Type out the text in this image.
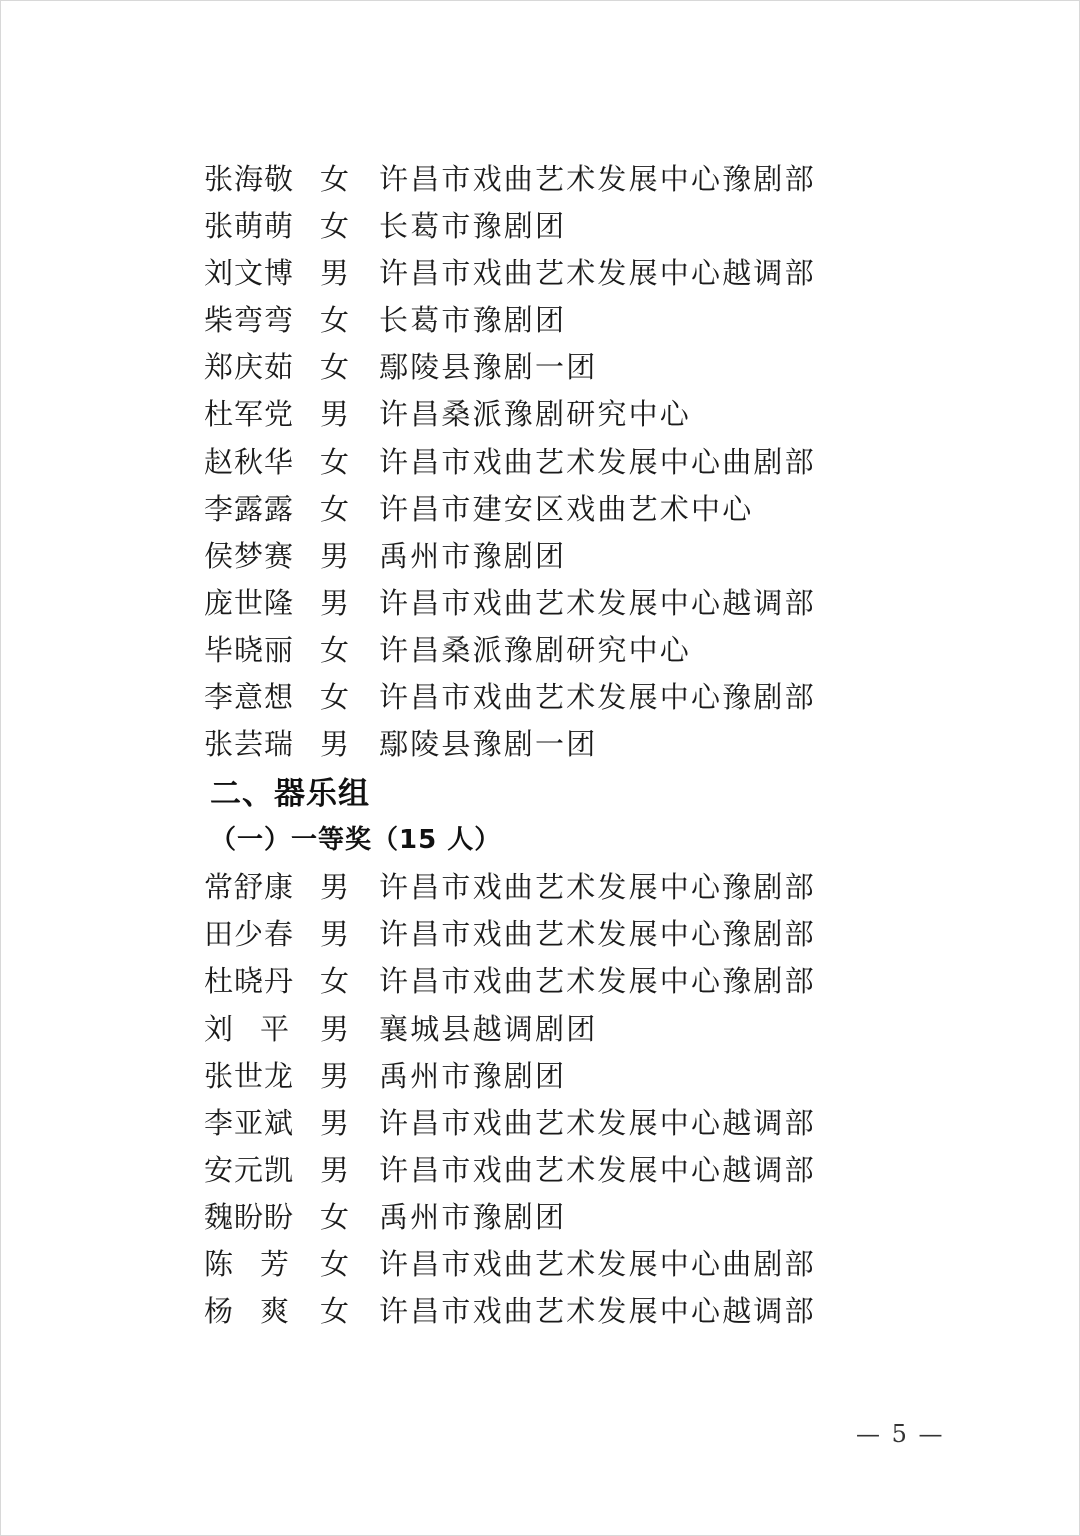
张海敬 女 许昌市戏曲艺术发展中心豫剧部
张萌萌 女 长葛市豫剧团
刘文博 男 许昌市戏曲艺术发展中心越调部
柴弯弯 女 长葛市豫剧团
郑庆茹 女 鄢陵县豫剧一团
杜军党 男 许昌桑派豫剧研究中心
赵秋华 女 许昌市戏曲艺术发展中心曲剧部
李露露 女 许昌市建安区戏曲艺术中心
侯梦赛 男 禹州市豫剧团
庞世隆 男 许昌市戏曲艺术发展中心越调部
毕晓丽 女 许昌桑派豫剧研究中心
李意想 女 许昌市戏曲艺术发展中心豫剧部
张芸瑞 男 鄢陵县豫剧一团
二、器乐组
（一）一等奖（15 人）
常舒康 男 许昌市戏曲艺术发展中心豫剧部
田少春 男 许昌市戏曲艺术发展中心豫剧部
杜晓丹 女 许昌市戏曲艺术发展中心豫剧部
刘平 男 襄城县越调剧团
张世龙 男 禹州市豫剧团
李亚斌 男 许昌市戏曲艺术发展中心越调部
安元凯 男 许昌市戏曲艺术发展中心越调部
魏盼盼 女 禹州市豫剧团
陈芳 女 许昌市戏曲艺术发展中心曲剧部
杨爽 女 许昌市戏曲艺术发展中心越调部
— 5 —
